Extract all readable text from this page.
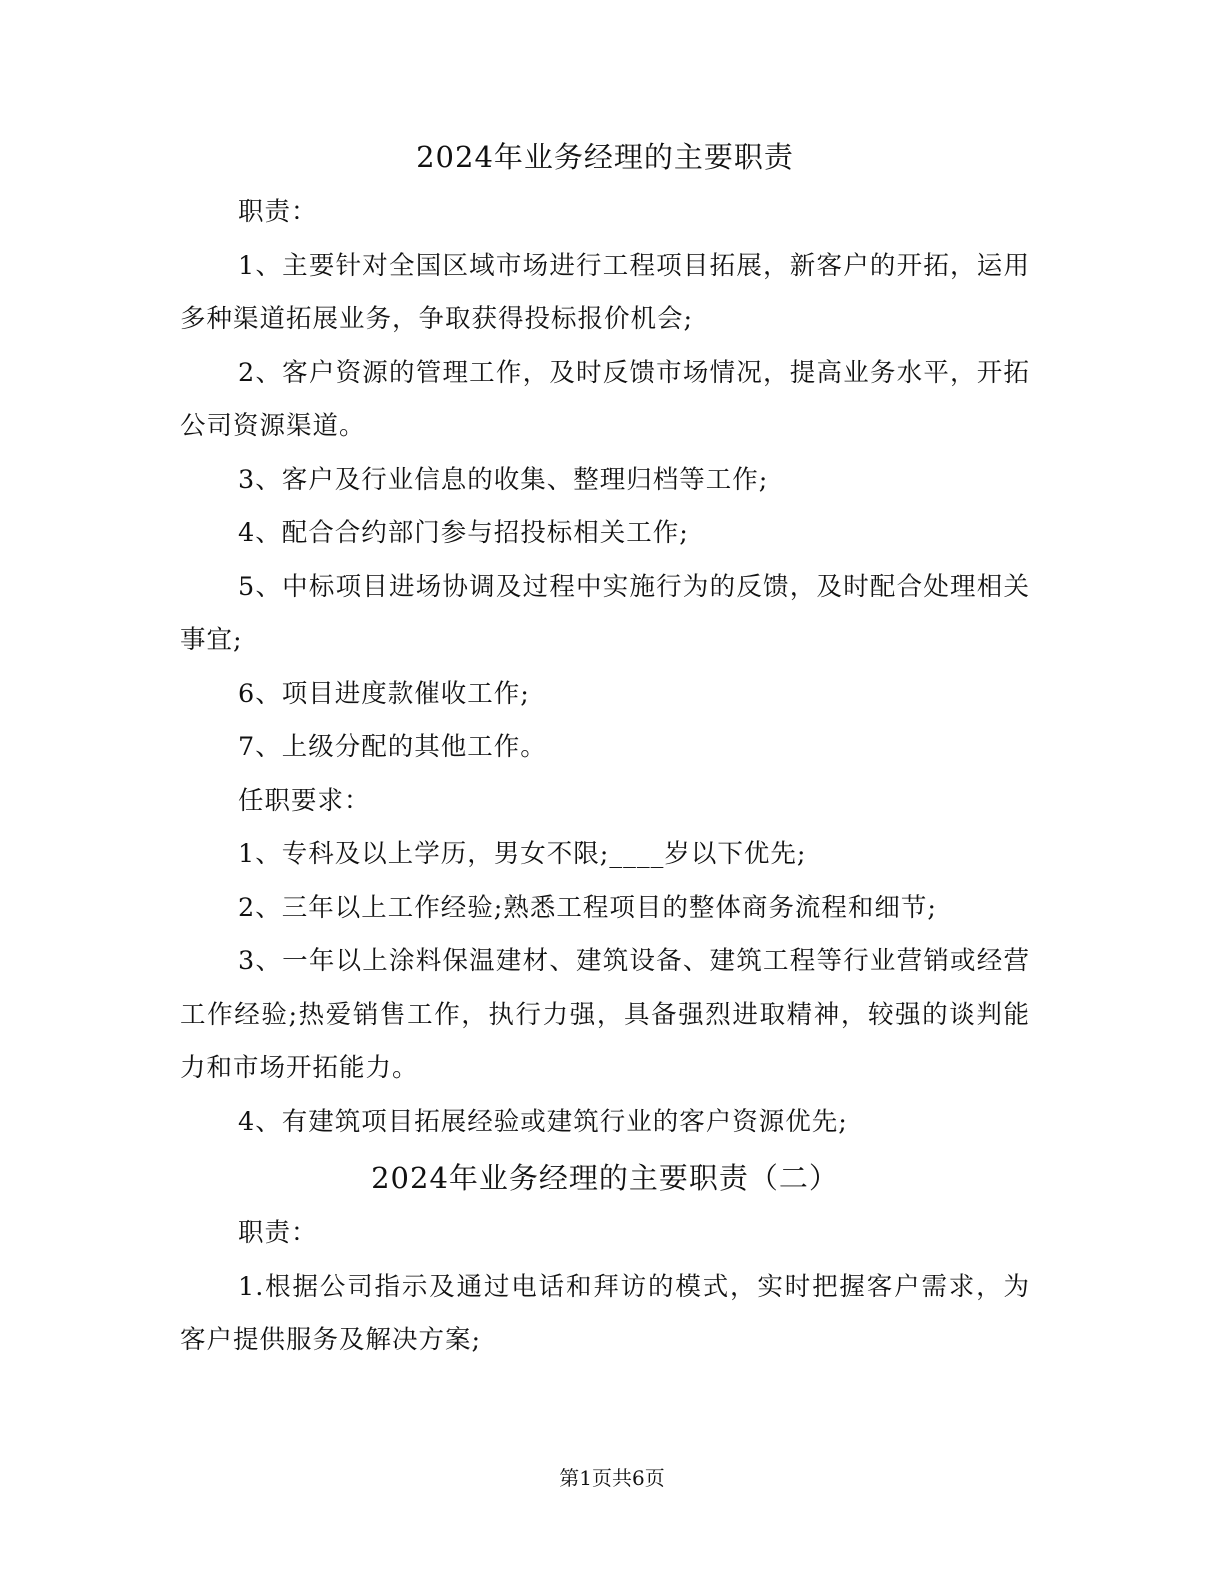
2024年业务经理的主要职责

职责：

1、主要针对全国区域市场进行工程项目拓展，新客户的开拓，运用多种渠道拓展业务，争取获得投标报价机会;

2、客户资源的管理工作，及时反馈市场情况，提高业务水平，开拓公司资源渠道。

3、客户及行业信息的收集、整理归档等工作;

4、配合合约部门参与招投标相关工作;

5、中标项目进场协调及过程中实施行为的反馈，及时配合处理相关事宜;

6、项目进度款催收工作;

7、上级分配的其他工作。

任职要求：

1、专科及以上学历，男女不限;____岁以下优先;

2、三年以上工作经验;熟悉工程项目的整体商务流程和细节;

3、一年以上涂料保温建材、建筑设备、建筑工程等行业营销或经营工作经验;热爱销售工作，执行力强，具备强烈进取精神，较强的谈判能力和市场开拓能力。

4、有建筑项目拓展经验或建筑行业的客户资源优先;

2024年业务经理的主要职责（二）

职责：

1.根据公司指示及通过电话和拜访的模式，实时把握客户需求，为客户提供服务及解决方案;

第1页共6页
